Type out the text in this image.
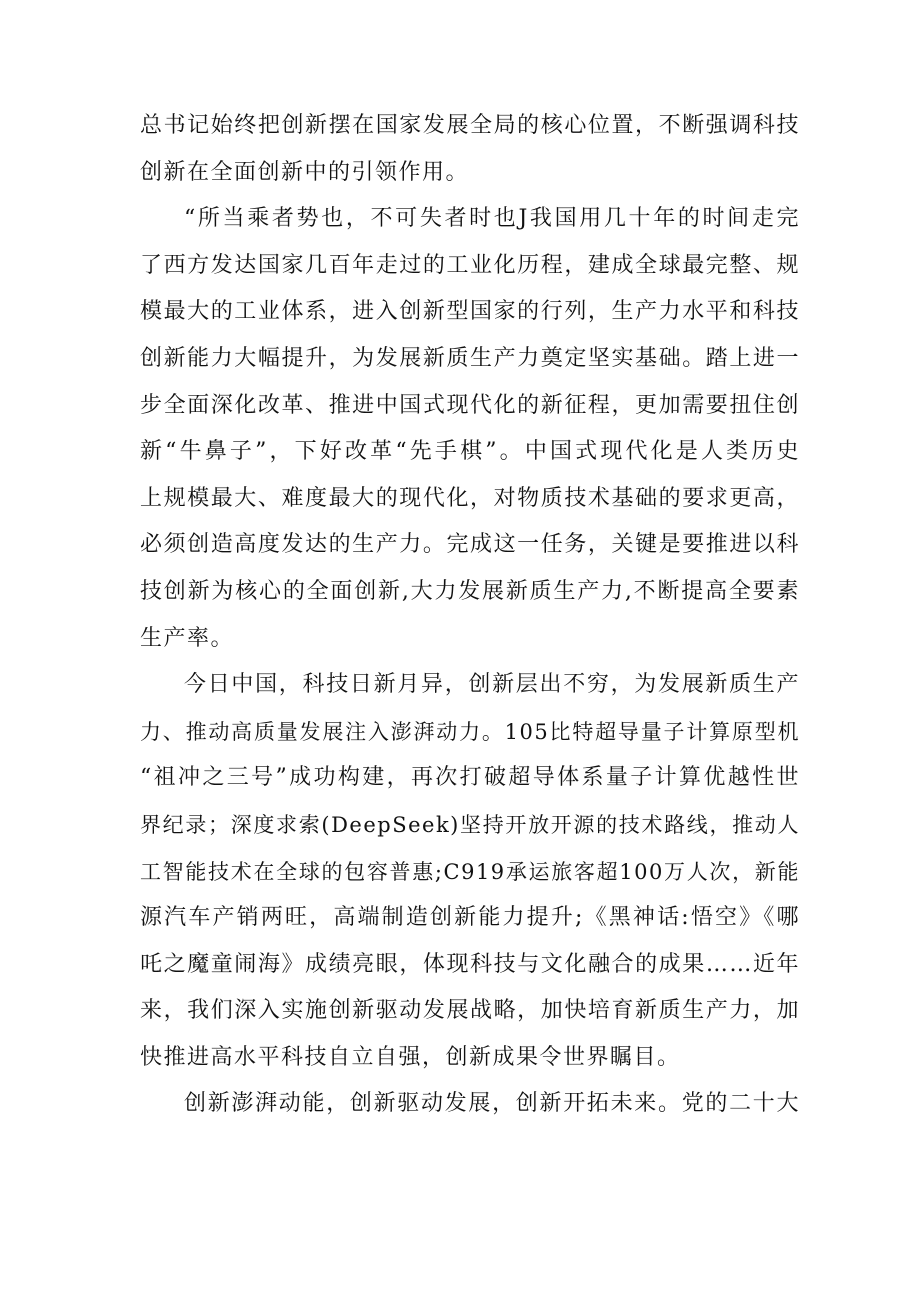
总书记始终把创新摆在国家发展全局的核心位置，不断强调科技
创新在全面创新中的引领作用。
“所当乘者势也，不可失者时也J我国用几十年的时间走完
了西方发达国家几百年走过的工业化历程，建成全球最完整、规
模最大的工业体系，进入创新型国家的行列，生产力水平和科技
创新能力大幅提升，为发展新质生产力奠定坚实基础。踏上进一
步全面深化改革、推进中国式现代化的新征程，更加需要扭住创
新“牛鼻子”，下好改革“先手棋”。中国式现代化是人类历史
上规模最大、难度最大的现代化，对物质技术基础的要求更高，
必须创造高度发达的生产力。完成这一任务，关键是要推进以科
技创新为核心的全面创新,大力发展新质生产力,不断提高全要素
生产率。
今日中国，科技日新月异，创新层出不穷，为发展新质生产
力、推动高质量发展注入澎湃动力。105比特超导量子计算原型机
“祖冲之三号”成功构建，再次打破超导体系量子计算优越性世
界纪录；深度求索(DeepSeek)坚持开放开源的技术路线，推动人
工智能技术在全球的包容普惠;C919承运旅客超100万人次，新能
源汽车产销两旺，高端制造创新能力提升;《黑神话:悟空》《哪
吒之魔童闹海》成绩亮眼，体现科技与文化融合的成果……近年
来，我们深入实施创新驱动发展战略，加快培育新质生产力，加
快推进高水平科技自立自强，创新成果令世界瞩目。
创新澎湃动能，创新驱动发展，创新开拓未来。党的二十大
